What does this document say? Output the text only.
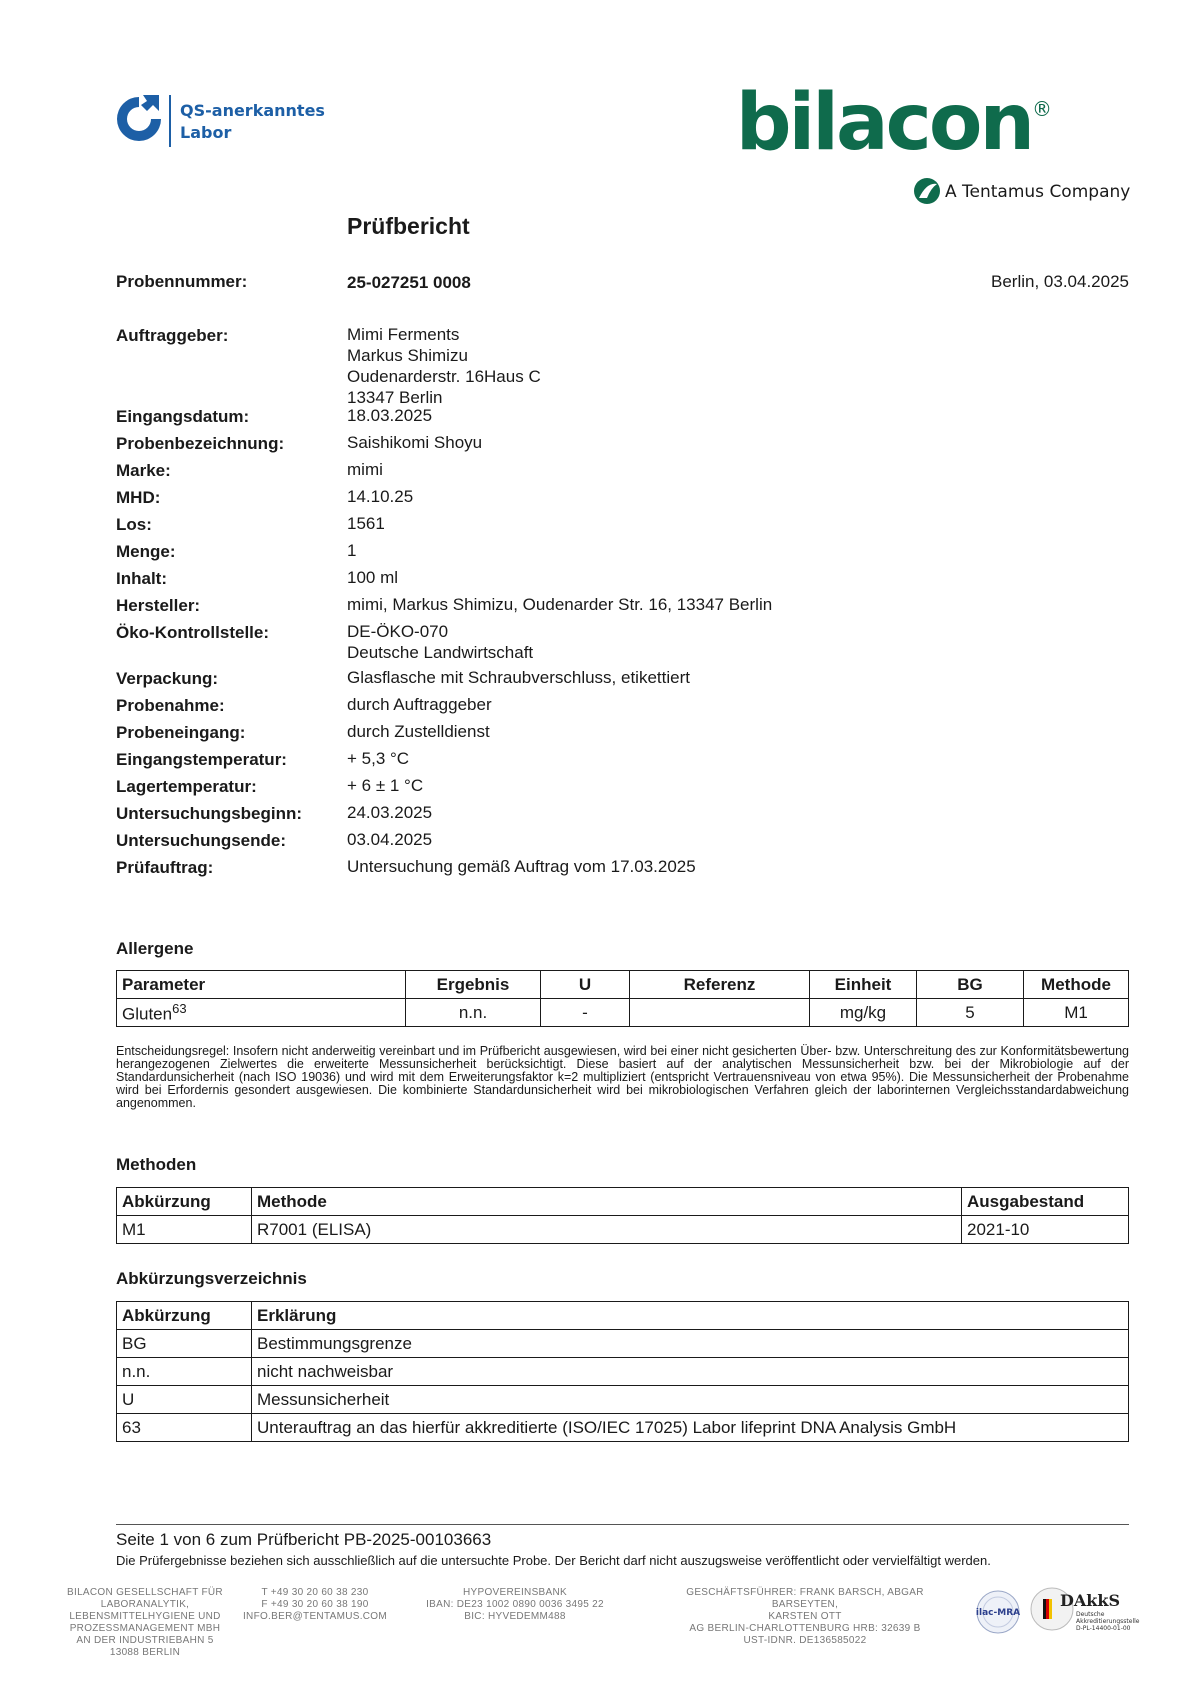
QS-anerkanntes
Labor	bilacon®
A Tentamus Company
Prüfbericht
Probennummer:	25-027251 0008	Berlin, 03.04.2025
Auftraggeber:	Mimi Ferments
Markus Shimizu
Oudenarderstr. 16Haus C
13347 Berlin
Eingangsdatum:	18.03.2025
Probenbezeichnung:	Saishikomi Shoyu
Marke:	mimi
MHD:	14.10.25
Los:	1561
Menge:	1
Inhalt:	100 ml
Hersteller:	mimi, Markus Shimizu, Oudenarder Str. 16, 13347 Berlin
Öko-Kontrollstelle:	DE-ÖKO-070
Deutsche Landwirtschaft
Verpackung:	Glasflasche mit Schraubverschluss, etikettiert
Probenahme:	durch Auftraggeber
Probeneingang:	durch Zustelldienst
Eingangstemperatur:	+ 5,3 °C
Lagertemperatur:	+ 6 ± 1 °C
Untersuchungsbeginn:	24.03.2025
Untersuchungsende:	03.04.2025
Prüfauftrag:	Untersuchung gemäß Auftrag vom 17.03.2025
Allergene
Parameter	Ergebnis	U	Referenz	Einheit	BG	Methode
Gluten$^{63}$	n.n.	-		mg/kg	5	M1
Entscheidungsregel: Insofern nicht anderweitig vereinbart und im Prüfbericht ausgewiesen, wird bei einer nicht gesicherten Über- bzw. Unterschreitung des zur Konformitätsbewertung herangezogenen Zielwertes die erweiterte Messunsicherheit berücksichtigt. Diese basiert auf der analytischen Messunsicherheit bzw. bei der Mikrobiologie auf der Standardunsicherheit (nach ISO 19036) und wird mit dem Erweiterungsfaktor k=2 multipliziert (entspricht Vertrauensniveau von etwa 95%). Die Messunsicherheit der Probenahme wird bei Erfordernis gesondert ausgewiesen. Die kombinierte Standardunsicherheit wird bei mikrobiologischen Verfahren gleich der laborinternen Vergleichsstandardabweichung angenommen.
Methoden
Abkürzung	Methode	Ausgabestand
M1	R7001 (ELISA)	2021-10
Abkürzungsverzeichnis
Abkürzung	Erklärung
BG	Bestimmungsgrenze
n.n.	nicht nachweisbar
U	Messunsicherheit
63	Unterauftrag an das hierfür akkreditierte (ISO/IEC 17025) Labor lifeprint DNA Analysis GmbH
Seite 1 von 6 zum Prüfbericht PB-2025-00103663
Die Prüfergebnisse beziehen sich ausschließlich auf die untersuchte Probe. Der Bericht darf nicht auszugsweise veröffentlicht oder vervielfältigt werden.
BILACON GESELLSCHAFT FÜR
LABORANALYTIK,
LEBENSMITTELHYGIENE UND
PROZESSMANAGEMENT MBH
AN DER INDUSTRIEBAHN 5
13088 BERLIN
T +49 30 20 60 38 230
F +49 30 20 60 38 190
INFO.BER@TENTAMUS.COM
HYPOVEREINSBANK
IBAN: DE23 1002 0890 0036 3495 22
BIC: HYVEDEMM488
GESCHÄFTSFÜHRER: FRANK BARSCH, ABGAR BARSEYTEN,
KARSTEN OTT
AG BERLIN-CHARLOTTENBURG HRB: 32639 B
UST-IDNR. DE136585022
ilac-MRA
DAkkS
Deutsche
Akkreditierungsstelle
D-PL-14400-01-00
